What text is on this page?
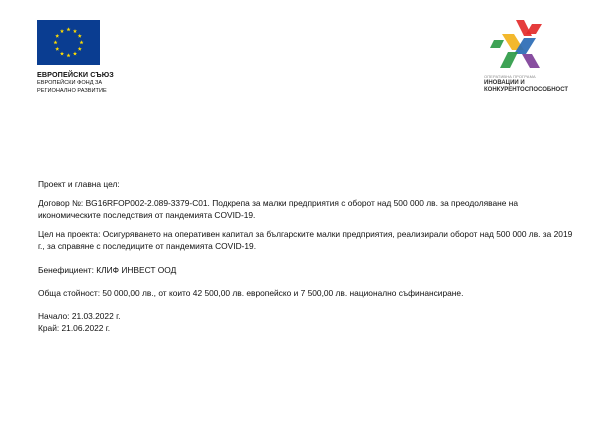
ЕВРОПЕЙСКИ СЪЮЗ
ЕВРОПЕЙСКИ ФОНД ЗА
РЕГИОНАЛНО РАЗВИТИЕ
ОПЕРАТИВНА ПРОГРАМА
ИНОВАЦИИ И
КОНКУРЕНТОСПОСОБНОСТ

Проект и главна цел:

Договор №: BG16RFOP002-2.089-3379-C01. Подкрепа за малки предприятия с оборот над 500 000 лв. за преодоляване на икономическите последствия от пандемията COVID-19.

Цел на проекта: Осигуряването на оперативен капитал за българските малки предприятия, реализирали оборот над 500 000 лв. за 2019 г., за справяне с последиците от пандемията COVID-19.

Бенефициент: КЛИФ ИНВЕСТ ООД

Обща стойност: 50 000,00 лв., от които 42 500,00 лв. европейско и 7 500,00 лв. национално съфинансиране.

Начало: 21.03.2022 г.

Край: 21.06.2022 г.
